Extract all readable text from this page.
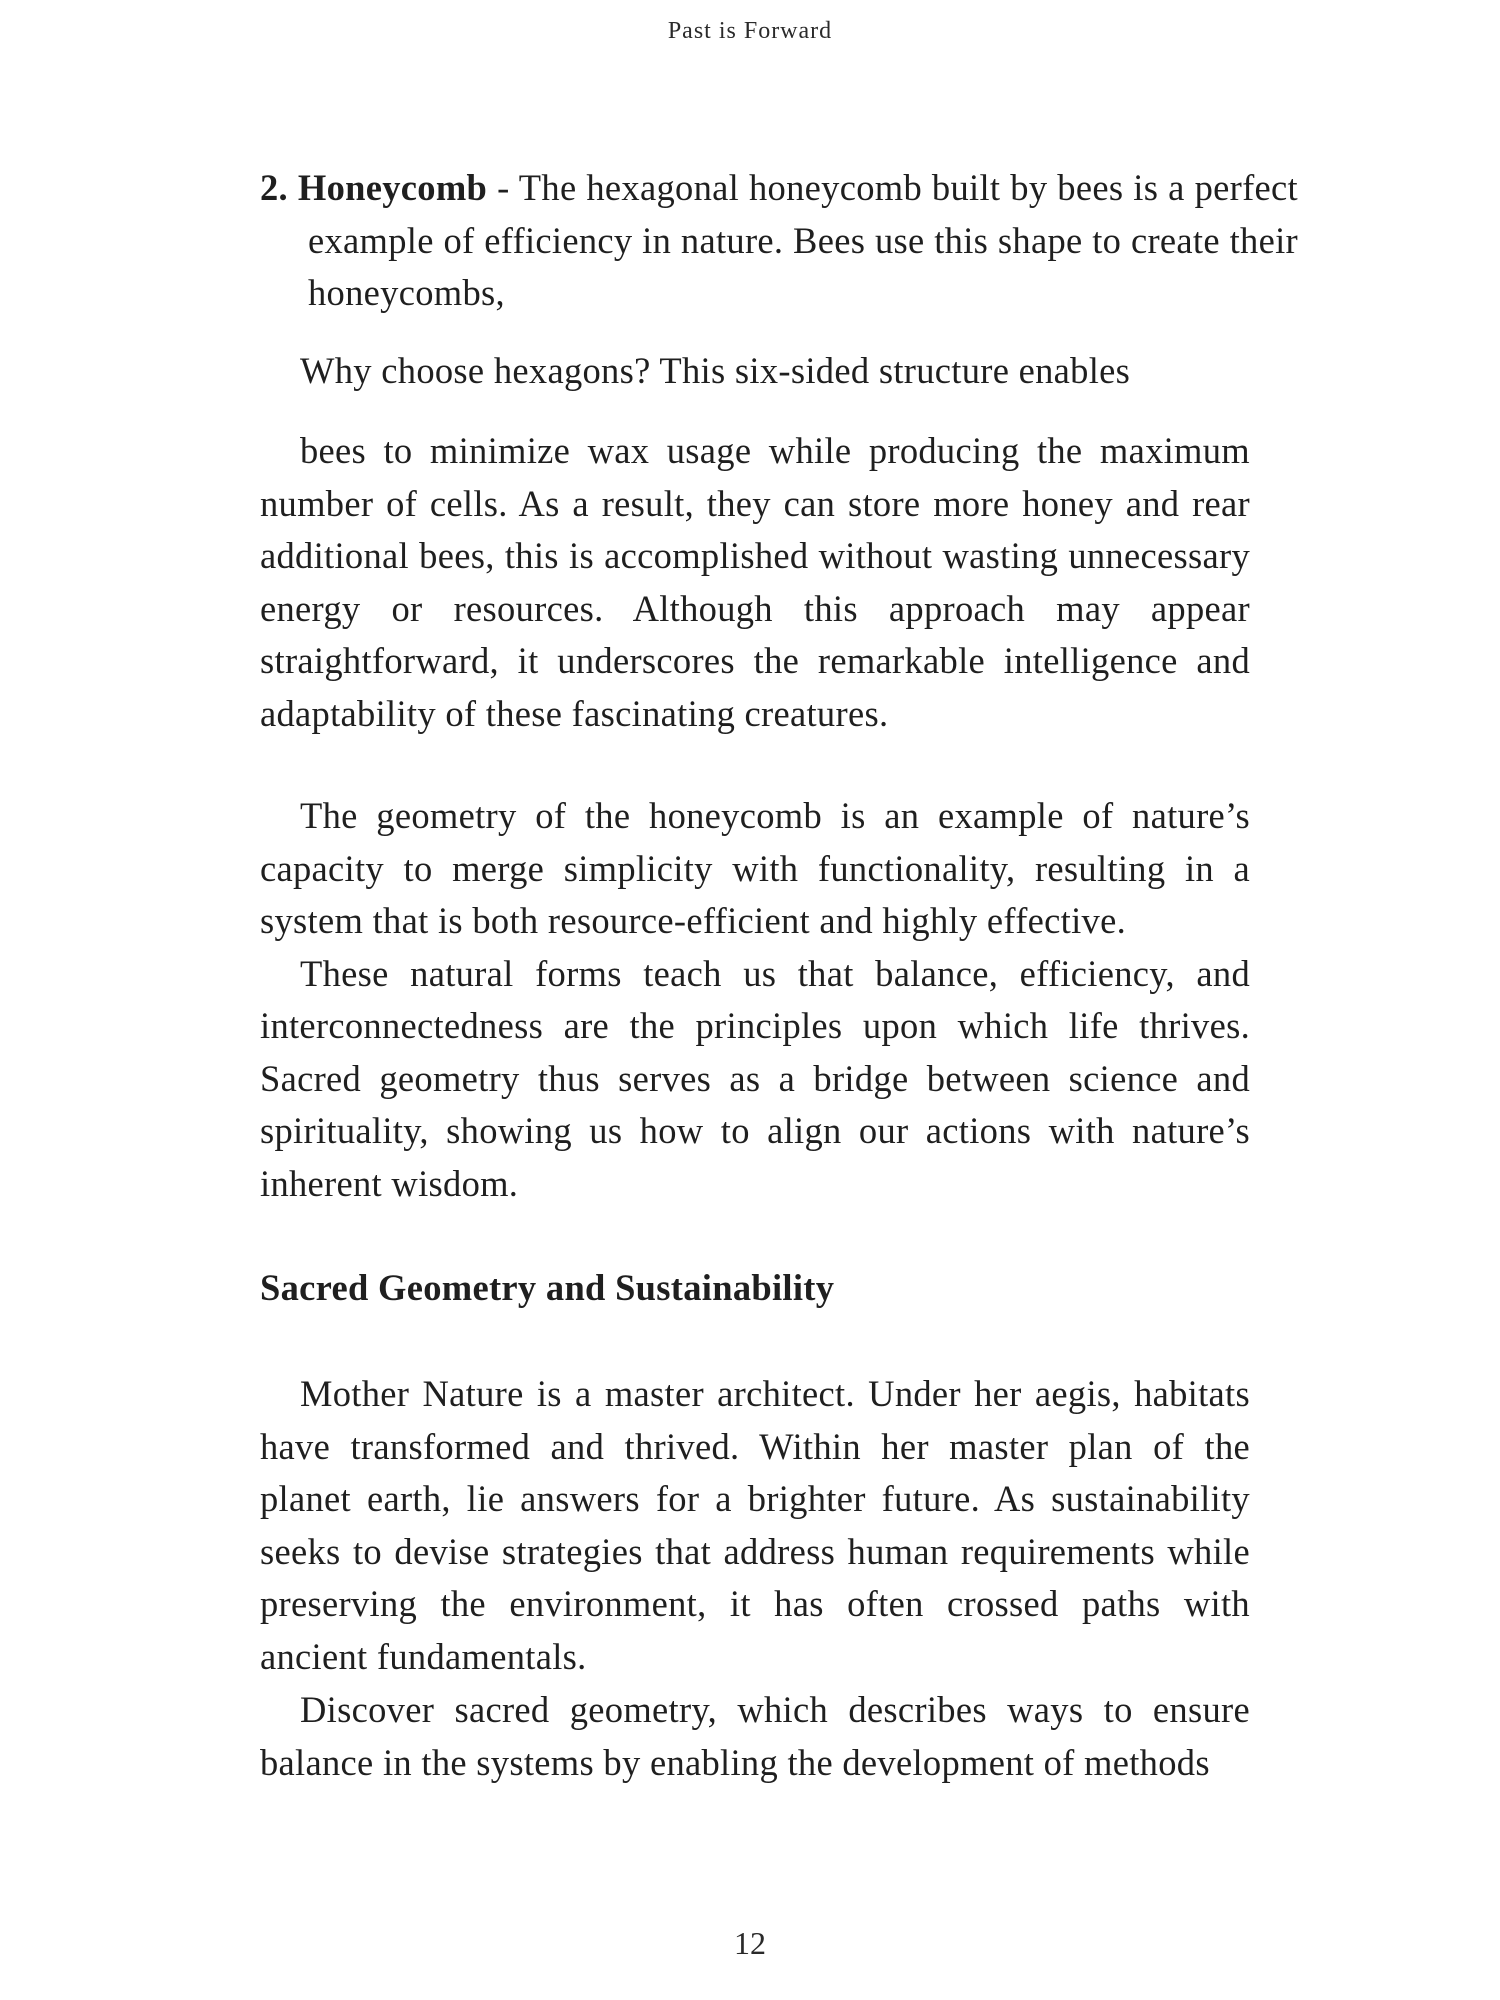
Past is Forward
2. Honeycomb - The hexagonal honeycomb built by bees is a perfect example of efficiency in nature. Bees use this shape to create their honeycombs,
Why choose hexagons? This six-sided structure enables
bees to minimize wax usage while producing the maximum number of cells. As a result, they can store more honey and rear additional bees, this is accomplished without wasting unnecessary energy or resources. Although this approach may appear straightforward, it underscores the remarkable intelligence and adaptability of these fascinating creatures.

The geometry of the honeycomb is an example of nature’s capacity to merge simplicity with functionality, resulting in a system that is both resource-efficient and highly effective.

These natural forms teach us that balance, efficiency, and interconnectedness are the principles upon which life thrives. Sacred geometry thus serves as a bridge between science and spirituality, showing us how to align our actions with nature’s inherent wisdom.

Sacred Geometry and Sustainability
Mother Nature is a master architect. Under her aegis, habitats have transformed and thrived. Within her master plan of the planet earth, lie answers for a brighter future. As sustainability seeks to devise strategies that address human requirements while preserving the environment, it has often crossed paths with ancient fundamentals.
Discover sacred geometry, which describes ways to ensure balance in the systems by enabling the development of methods
12
